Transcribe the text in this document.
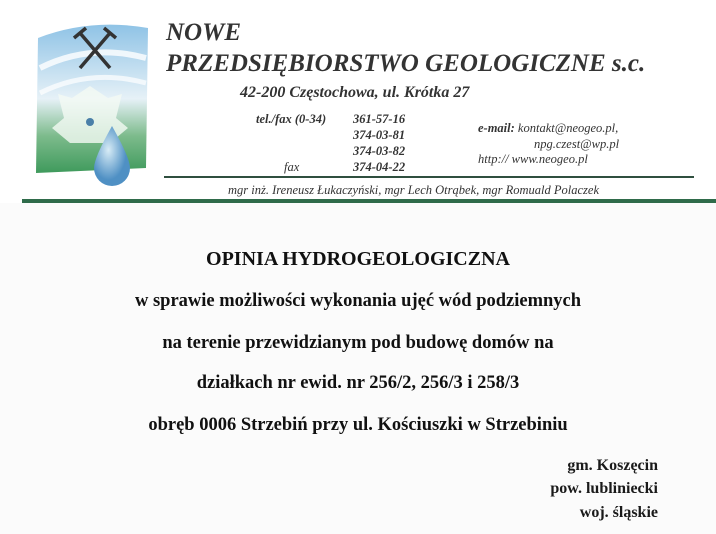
NOWE
PRZEDSIĘBIORSTWO GEOLOGICZNE s.c.
42-200 Częstochowa, ul. Krótka 27
tel./fax (0-34) 361-57-16
374-03-81
374-03-82
fax	374-04-22
e-mail: kontakt@neogeo.pl,
npg.czest@wp.pl
http:// www.neogeo.pl
mgr inż. Ireneusz Łukaczyński, mgr Lech Otrąbek, mgr Romuald Polaczek
OPINIA HYDROGEOLOGICZNA
w sprawie możliwości wykonania ujęć wód podziemnych
na terenie przewidzianym pod budowę domów na
działkach nr ewid. nr 256/2, 256/3 i 258/3
obręb 0006 Strzebiń przy ul. Kościuszki w Strzebiniu
gm. Koszęcin
pow. lubliniecki
woj. śląskie
